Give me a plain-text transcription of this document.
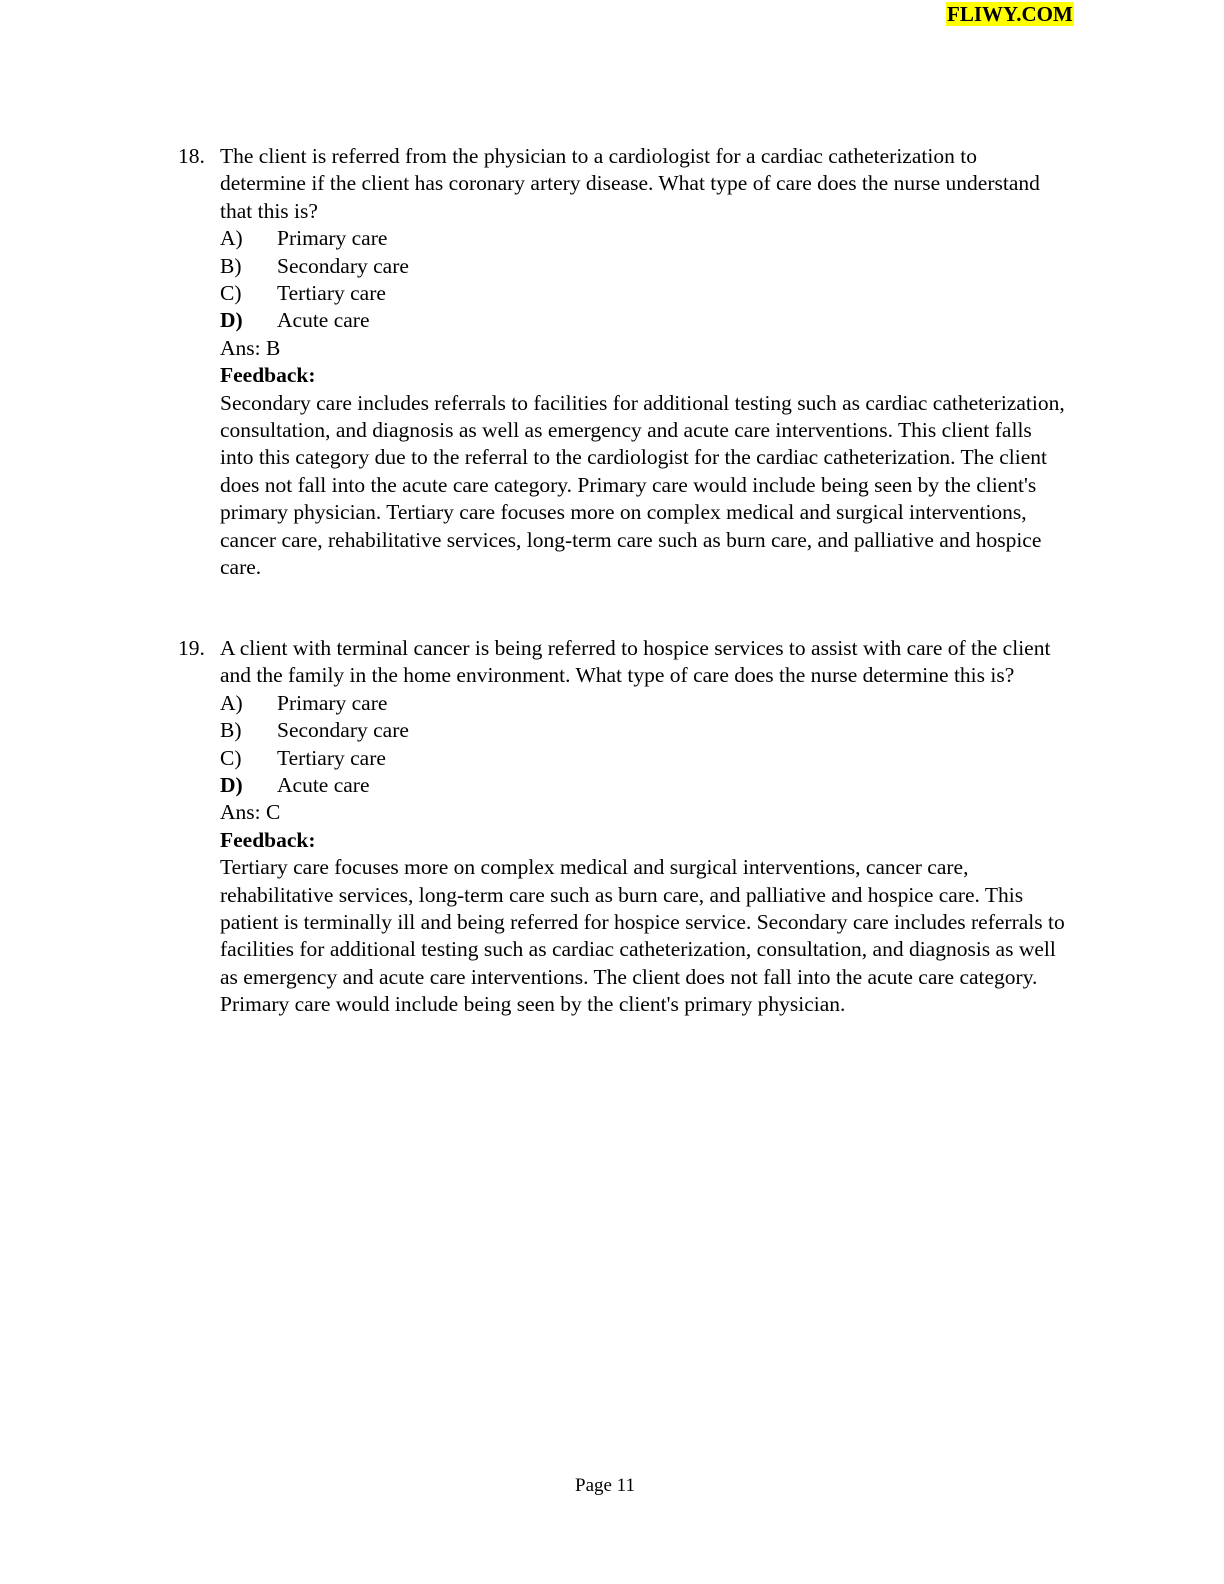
FLIWY.COM
18. The client is referred from the physician to a cardiologist for a cardiac catheterization to determine if the client has coronary artery disease. What type of care does the nurse understand that this is?
A) Primary care
B) Secondary care
C) Tertiary care
D) Acute care
Ans: B
Feedback:
Secondary care includes referrals to facilities for additional testing such as cardiac catheterization, consultation, and diagnosis as well as emergency and acute care interventions. This client falls into this category due to the referral to the cardiologist for the cardiac catheterization. The client does not fall into the acute care category. Primary care would include being seen by the client's primary physician. Tertiary care focuses more on complex medical and surgical interventions, cancer care, rehabilitative services, long-term care such as burn care, and palliative and hospice care.
19. A client with terminal cancer is being referred to hospice services to assist with care of the client and the family in the home environment. What type of care does the nurse determine this is?
A) Primary care
B) Secondary care
C) Tertiary care
D) Acute care
Ans: C
Feedback:
Tertiary care focuses more on complex medical and surgical interventions, cancer care, rehabilitative services, long-term care such as burn care, and palliative and hospice care. This patient is terminally ill and being referred for hospice service. Secondary care includes referrals to facilities for additional testing such as cardiac catheterization, consultation, and diagnosis as well as emergency and acute care interventions. The client does not fall into the acute care category. Primary care would include being seen by the client's primary physician.
Page 11
